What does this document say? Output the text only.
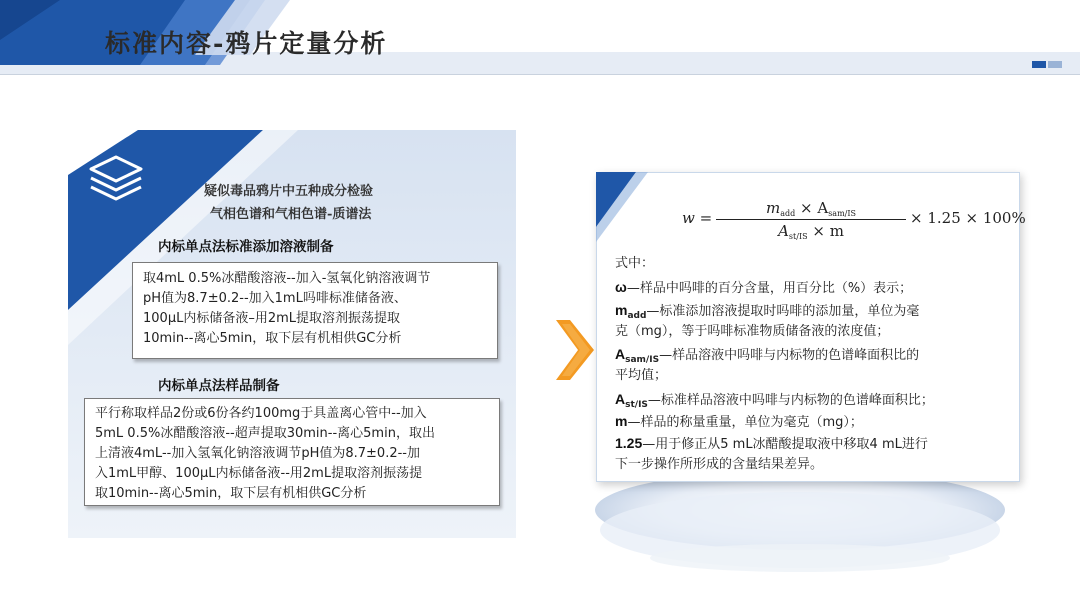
标准内容-鸦片定量分析
疑似毒品鸦片中五种成分检验
气相色谱和气相色谱-质谱法
内标单点法标准添加溶液制备
取4mL 0.5%冰醋酸溶液--加入-氢氧化钠溶液调节
pH值为8.7±0.2--加入1mL吗啡标准储备液、
100μL内标储备液–用2mL提取溶剂振荡提取
10min--离心5min，取下层有机相供GC分析
内标单点法样品制备
平行称取样品2份或6份各约100mg于具盖离心管中--加入
5mL 0.5%冰醋酸溶液--超声提取30min--离心5min，取出
上清液4mL--加入氢氧化钠溶液调节pH值为8.7±0.2--加
入1mL甲醇、100μL内标储备液--用2mL提取溶剂振荡提
取10min--离心5min，取下层有机相供GC分析
w =
$m_{add} \times A_{sam/IS}$
$A_{st/IS} \times m$
× 1.25 × 100%
式中：
ω—样品中吗啡的百分含量，用百分比（%）表示；
$m_{add}—$标准添加溶液提取时吗啡的添加量，单位为毫
克（mg），等于吗啡标准物质储备液的浓度值；
$A_{sam/IS}—$样品溶液中吗啡与内标物的色谱峰面积比的
平均值；
$A_{st/IS}—$标准样品溶液中吗啡与内标物的色谱峰面积比；
m—样品的称量重量，单位为毫克（mg）；
1.25—用于修正从5 mL冰醋酸提取液中移取4 mL进行
下一步操作所形成的含量结果差异。
